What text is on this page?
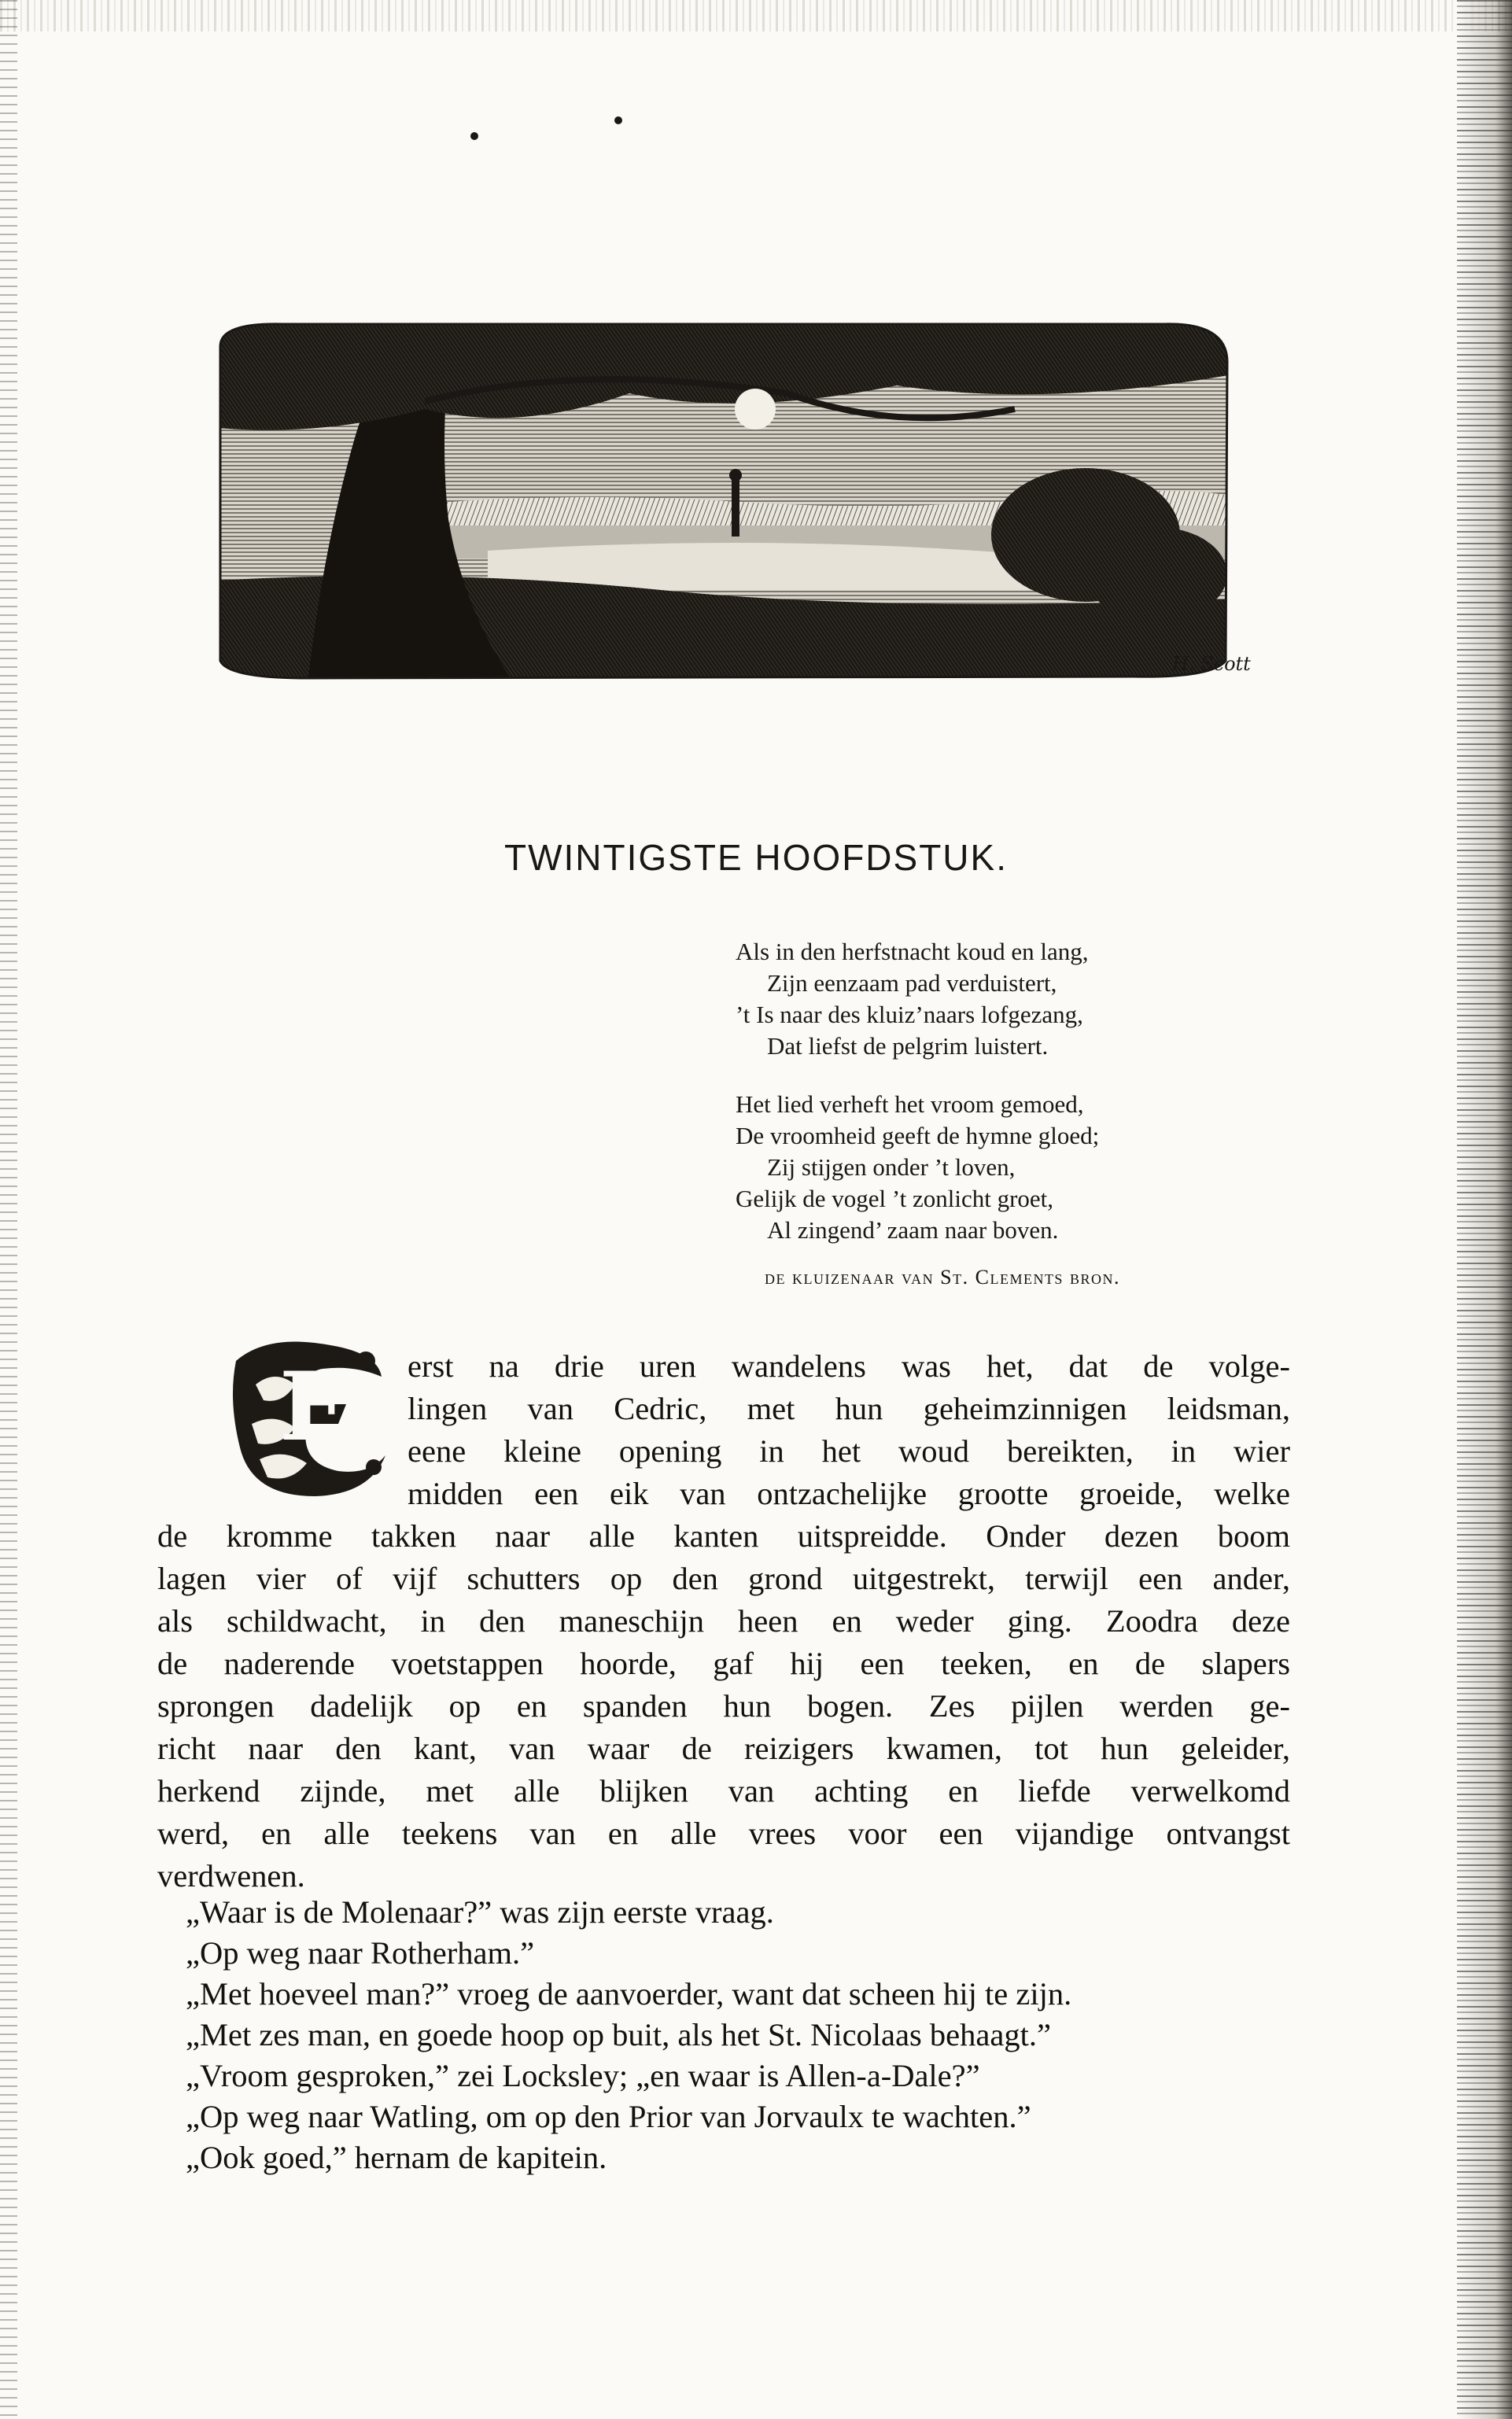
H. Scott
TWINTIGSTE HOOFDSTUK.
Als in den herfstnacht koud en lang,
Zijn eenzaam pad verduistert,
’t Is naar des kluiz’naars lofgezang,
Dat liefst de pelgrim luistert.
Het lied verheft het vroom gemoed,
De vroomheid geeft de hymne gloed;
Zij stijgen onder ’t loven,
Gelijk de vogel ’t zonlicht groet,
Al zingend’ zaam naar boven.
de kluizenaar van St. Clements bron.
E erst na drie uren wandelens was het, dat de volge-
lingen van Cedric, met hun geheimzinnigen leidsman,
eene kleine opening in het woud bereikten, in wier
midden een eik van ontzachelijke grootte groeide, welke
de kromme takken naar alle kanten uitspreidde. Onder dezen boom
lagen vier of vijf schutters op den grond uitgestrekt, terwijl een ander,
als schildwacht, in den maneschijn heen en weder ging. Zoodra deze
de naderende voetstappen hoorde, gaf hij een teeken, en de slapers
sprongen dadelijk op en spanden hun bogen. Zes pijlen werden ge-
richt naar den kant, van waar de reizigers kwamen, tot hun geleider,
herkend zijnde, met alle blijken van achting en liefde verwelkomd
werd, en alle teekens van en alle vrees voor een vijandige ontvangst
verdwenen.
„Waar is de Molenaar?” was zijn eerste vraag.
„Op weg naar Rotherham.”
„Met hoeveel man?” vroeg de aanvoerder, want dat scheen hij te zijn.
„Met zes man, en goede hoop op buit, als het St. Nicolaas behaagt.”
„Vroom gesproken,” zei Locksley; „en waar is Allen-a-Dale?”
„Op weg naar Watling, om op den Prior van Jorvaulx te wachten.”
„Ook goed,” hernam de kapitein.
